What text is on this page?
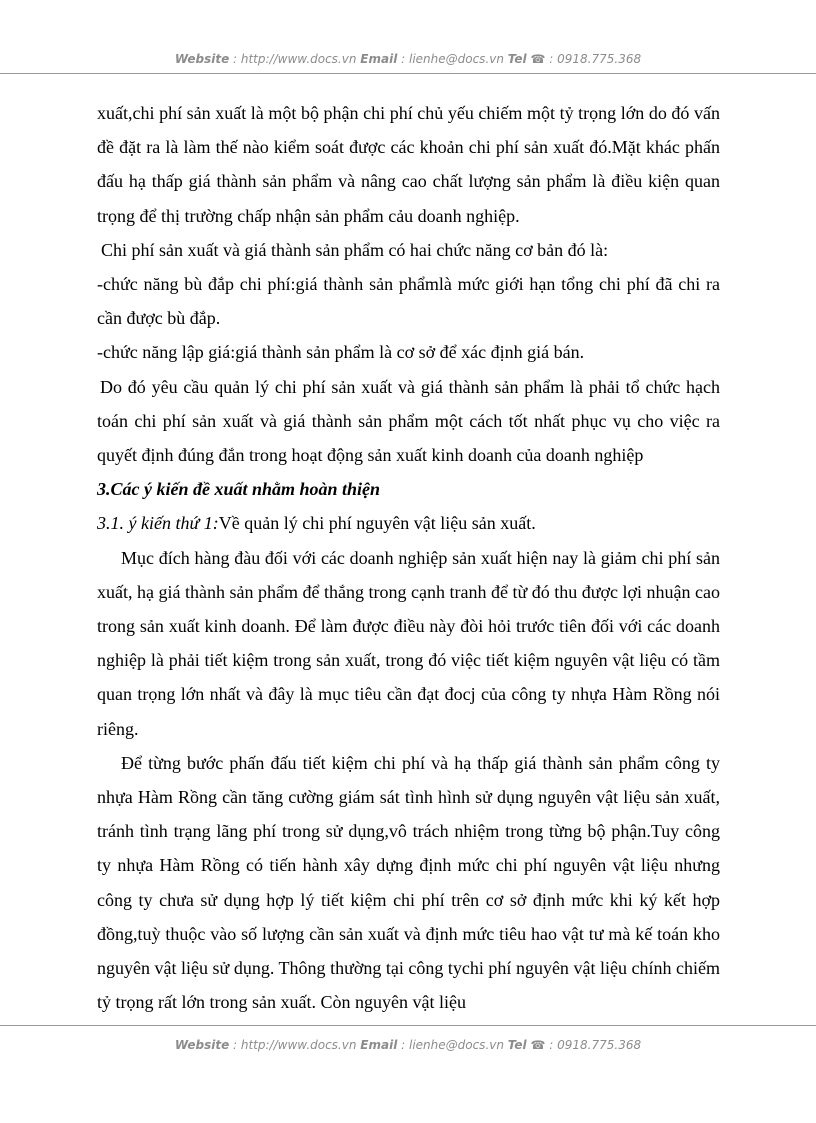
Website : http://www.docs.vn Email : lienhe@docs.vn Tel ☎ : 0918.775.368

xuất,chi phí sản xuất là một bộ phận chi phí chủ yếu chiếm một tỷ trọng lớn do đó vấn đề đặt ra là làm thế nào kiểm soát được các khoản chi phí sản xuất đó.Mặt khác phấn đấu hạ thấp giá thành sản phẩm và nâng cao chất lượng sản phẩm là điều kiện quan trọng để thị trường chấp nhận sản phẩm cảu doanh nghiệp.

Chi phí sản xuất và giá thành sản phẩm có hai chức năng cơ bản đó là:

-chức năng bù đắp chi phí:giá thành sản phẩmlà mức giới hạn tổng chi phí đã chi ra cần được bù đắp.

-chức năng lập giá:giá thành sản phẩm là cơ sở để xác định giá bán.

Do đó yêu cầu quản lý chi phí sản xuất và giá thành sản phẩm là phải tổ chức hạch toán chi phí sản xuất và giá thành sản phẩm một cách tốt nhất phục vụ cho việc ra quyết định đúng đắn trong hoạt động sản xuất kinh doanh của doanh nghiệp

3.Các ý kiến đề xuất nhằm hoàn thiện

3.1. ý kiến thứ 1:Về quản lý chi phí nguyên vật liệu sản xuất.

Mục đích hàng đàu đối với các doanh nghiệp sản xuất hiện nay là giảm chi phí sản xuất, hạ giá thành sản phẩm để thắng trong cạnh tranh để từ đó thu được lợi nhuận cao trong sản xuất kinh doanh. Để làm được điều này đòi hỏi trước tiên đối với các doanh nghiệp là phải tiết kiệm trong sản xuất, trong đó việc tiết kiệm nguyên vật liệu có tầm quan trọng lớn nhất và đây là mục tiêu cần đạt đocj của công ty nhựa Hàm Rồng nói riêng.

Để từng bước phấn đấu tiết kiệm chi phí và hạ thấp giá thành sản phẩm công ty nhựa Hàm Rồng cần tăng cường giám sát tình hình sử dụng nguyên vật liệu sản xuất, tránh tình trạng lãng phí trong sử dụng,vô trách nhiệm trong từng bộ phận.Tuy công ty nhựa Hàm Rồng có tiến hành xây dựng định mức chi phí nguyên vật liệu nhưng công ty chưa sử dụng hợp lý tiết kiệm chi phí trên cơ sở định mức khi ký kết hợp đồng,tuỳ thuộc vào số lượng cần sản xuất và định mức tiêu hao vật tư mà kế toán kho nguyên vật liệu sử dụng. Thông thường tại công tychi phí nguyên vật liệu chính chiếm tỷ trọng rất lớn trong sản xuất. Còn nguyên vật liệu

Website : http://www.docs.vn Email : lienhe@docs.vn Tel ☎ : 0918.775.368
